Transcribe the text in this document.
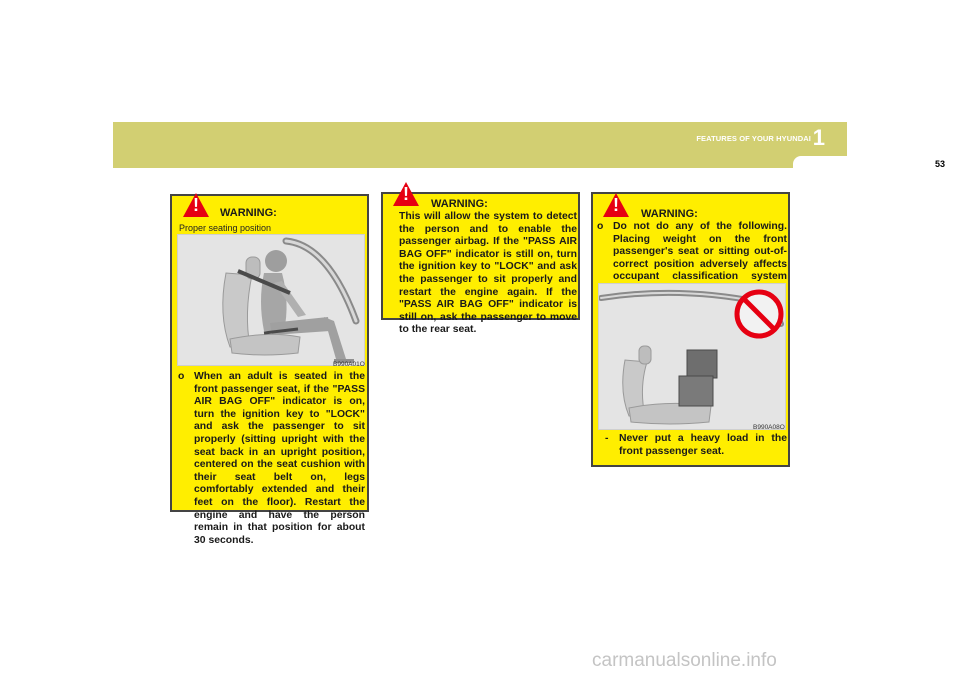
FEATURES OF YOUR HYUNDAI 1
53
! WARNING:
Proper seating position
B990A01O
o When an adult is seated in the front passenger seat, if the "PASS AIR BAG OFF" indicator is on, turn the ignition key to "LOCK" and ask the passenger to sit properly (sitting upright with the seat back in an upright position, centered on the seat cushion with their seat belt on, legs comfortably extended and their feet on the floor). Restart the engine and have the person remain in that position for about 30 seconds.
! WARNING:
This will allow the system to detect the person and to enable the passenger airbag. If the "PASS AIR BAG OFF" indicator is still on, turn the ignition key to "LOCK" and ask the passenger to sit properly and restart the engine again. If the "PASS AIR BAG OFF" indicator is still on, ask the passenger to move to the rear seat.
! WARNING:
o Do not do any of the following. Placing weight on the front passenger's seat or sitting out-of-correct position adversely affects occupant classification system
B990A08O
- Never put a heavy load in the front passenger seat.
carmanualsonline.info
